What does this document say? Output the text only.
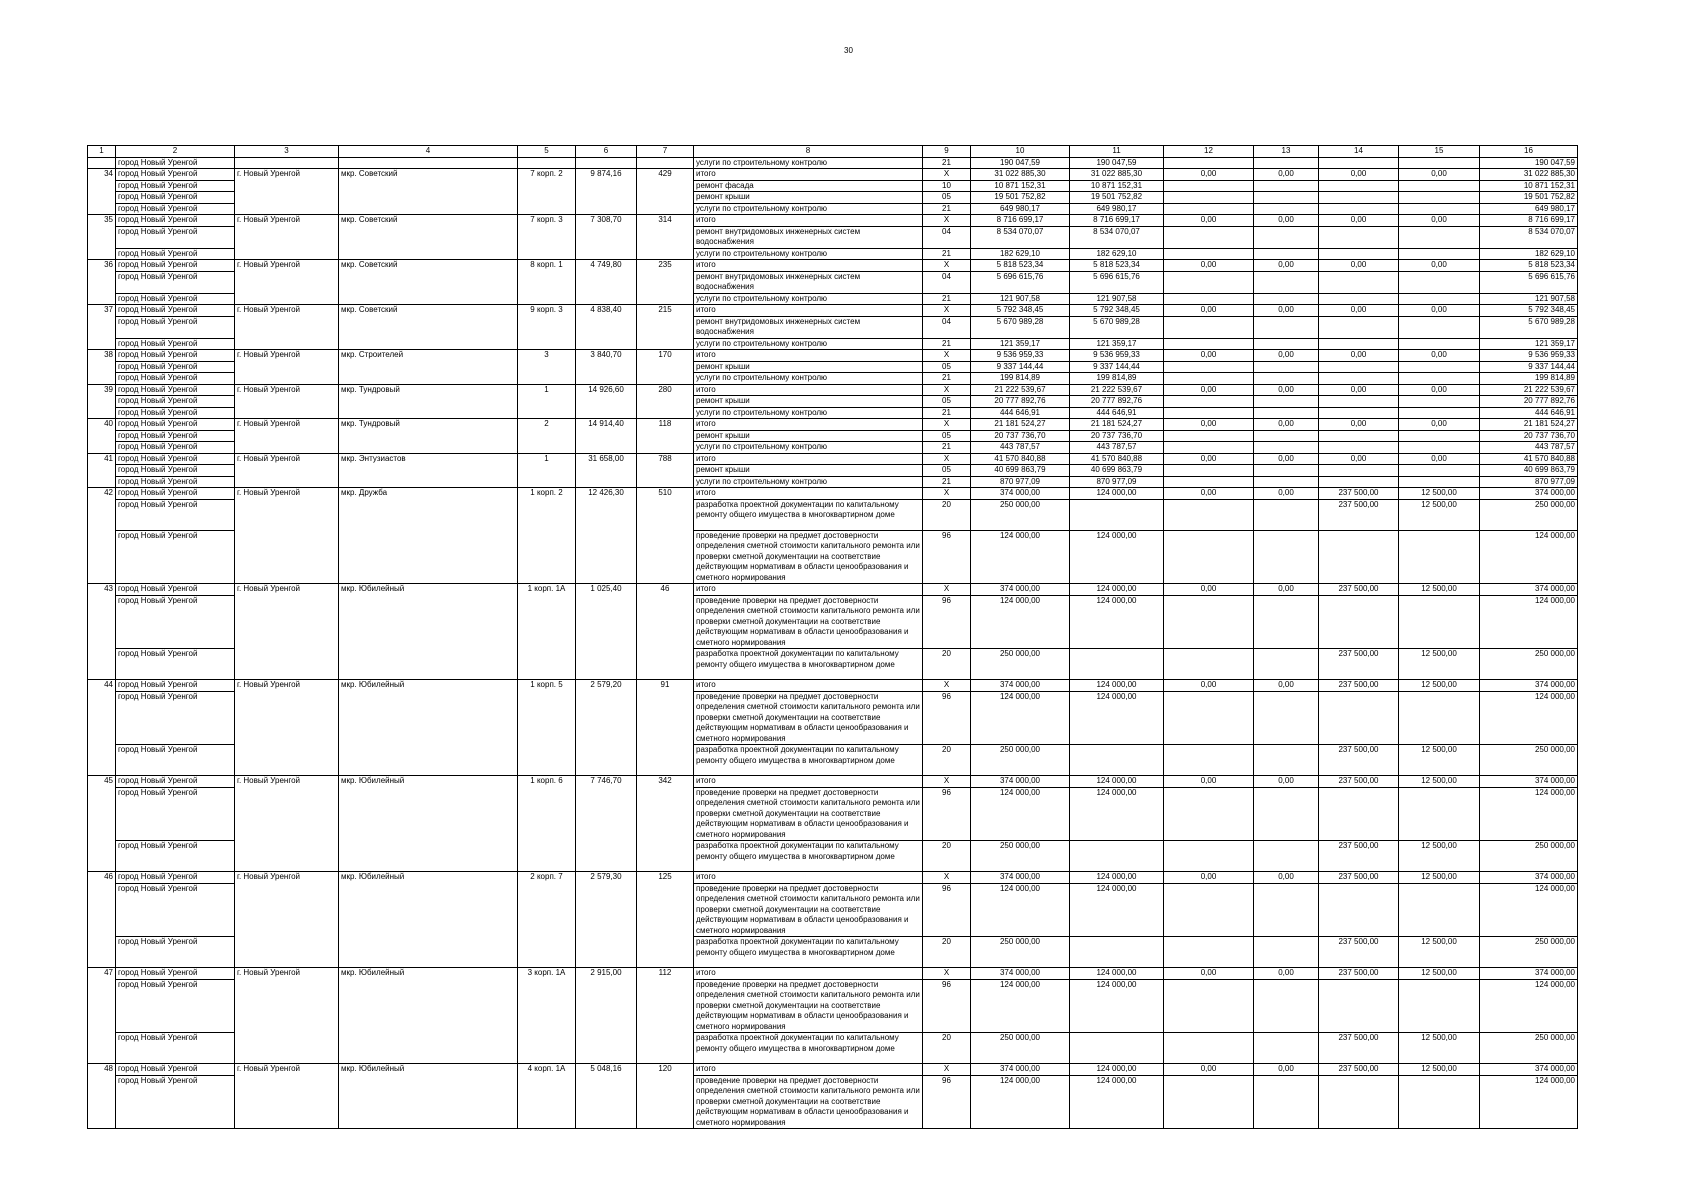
30
1	2	3	4	5	6	7	8	9	10	11	12	13	14	15	16
	город Новый Уренгой						услуги по строительному контролю	21	190 047,59	190 047,59					190 047,59
34	город Новый Уренгой	г. Новый Уренгой	мкр. Советский	7 корп. 2	9 874,16	429	итого	Х	31 022 885,30	31 022 885,30	0,00	0,00	0,00	0,00	31 022 885,30
	город Новый Уренгой						ремонт фасада	10	10 871 152,31	10 871 152,31					10 871 152,31
	город Новый Уренгой						ремонт крыши	05	19 501 752,82	19 501 752,82					19 501 752,82
	город Новый Уренгой						услуги по строительному контролю	21	649 980,17	649 980,17					649 980,17
35	город Новый Уренгой	г. Новый Уренгой	мкр. Советский	7 корп. 3	7 308,70	314	итого	Х	8 716 699,17	8 716 699,17	0,00	0,00	0,00	0,00	8 716 699,17
	город Новый Уренгой						ремонт внутридомовых инженерных систем водоснабжения	04	8 534 070,07	8 534 070,07					8 534 070,07
	город Новый Уренгой						услуги по строительному контролю	21	182 629,10	182 629,10					182 629,10
36	город Новый Уренгой	г. Новый Уренгой	мкр. Советский	8 корп. 1	4 749,80	235	итого	Х	5 818 523,34	5 818 523,34	0,00	0,00	0,00	0,00	5 818 523,34
	город Новый Уренгой						ремонт внутридомовых инженерных систем водоснабжения	04	5 696 615,76	5 696 615,76					5 696 615,76
	город Новый Уренгой						услуги по строительному контролю	21	121 907,58	121 907,58					121 907,58
37	город Новый Уренгой	г. Новый Уренгой	мкр. Советский	9 корп. 3	4 838,40	215	итого	Х	5 792 348,45	5 792 348,45	0,00	0,00	0,00	0,00	5 792 348,45
	город Новый Уренгой						ремонт внутридомовых инженерных систем водоснабжения	04	5 670 989,28	5 670 989,28					5 670 989,28
	город Новый Уренгой						услуги по строительному контролю	21	121 359,17	121 359,17					121 359,17
38	город Новый Уренгой	г. Новый Уренгой	мкр. Строителей	3	3 840,70	170	итого	Х	9 536 959,33	9 536 959,33	0,00	0,00	0,00	0,00	9 536 959,33
	город Новый Уренгой						ремонт крыши	05	9 337 144,44	9 337 144,44					9 337 144,44
	город Новый Уренгой						услуги по строительному контролю	21	199 814,89	199 814,89					199 814,89
39	город Новый Уренгой	г. Новый Уренгой	мкр. Тундровый	1	14 926,60	280	итого	Х	21 222 539,67	21 222 539,67	0,00	0,00	0,00	0,00	21 222 539,67
	город Новый Уренгой						ремонт крыши	05	20 777 892,76	20 777 892,76					20 777 892,76
	город Новый Уренгой						услуги по строительному контролю	21	444 646,91	444 646,91					444 646,91
40	город Новый Уренгой	г. Новый Уренгой	мкр. Тундровый	2	14 914,40	118	итого	Х	21 181 524,27	21 181 524,27	0,00	0,00	0,00	0,00	21 181 524,27
	город Новый Уренгой						ремонт крыши	05	20 737 736,70	20 737 736,70					20 737 736,70
	город Новый Уренгой						услуги по строительному контролю	21	443 787,57	443 787,57					443 787,57
41	город Новый Уренгой	г. Новый Уренгой	мкр. Энтузиастов	1	31 658,00	788	итого	Х	41 570 840,88	41 570 840,88	0,00	0,00	0,00	0,00	41 570 840,88
	город Новый Уренгой						ремонт крыши	05	40 699 863,79	40 699 863,79					40 699 863,79
	город Новый Уренгой						услуги по строительному контролю	21	870 977,09	870 977,09					870 977,09
42	город Новый Уренгой	г. Новый Уренгой	мкр. Дружба	1 корп. 2	12 426,30	510	итого	Х	374 000,00	124 000,00	0,00	0,00	237 500,00	12 500,00	374 000,00
	город Новый Уренгой						разработка проектной документации по капитальному ремонту общего имущества в многоквартирном доме	20	250 000,00				237 500,00	12 500,00	250 000,00
	город Новый Уренгой						проведение проверки на предмет достоверности определения сметной стоимости капитального ремонта или проверки сметной документации на соответствие действующим нормативам в области ценообразования и сметного нормирования	96	124 000,00	124 000,00					124 000,00
43	город Новый Уренгой	г. Новый Уренгой	мкр. Юбилейный	1 корп. 1А	1 025,40	46	итого	Х	374 000,00	124 000,00	0,00	0,00	237 500,00	12 500,00	374 000,00
	город Новый Уренгой						проведение проверки на предмет достоверности определения сметной стоимости капитального ремонта или проверки сметной документации на соответствие действующим нормативам в области ценообразования и сметного нормирования	96	124 000,00	124 000,00					124 000,00
	город Новый Уренгой						разработка проектной документации по капитальному ремонту общего имущества в многоквартирном доме	20	250 000,00				237 500,00	12 500,00	250 000,00
44	город Новый Уренгой	г. Новый Уренгой	мкр. Юбилейный	1 корп. 5	2 579,20	91	итого	Х	374 000,00	124 000,00	0,00	0,00	237 500,00	12 500,00	374 000,00
	город Новый Уренгой						проведение проверки на предмет достоверности определения сметной стоимости капитального ремонта или проверки сметной документации на соответствие действующим нормативам в области ценообразования и сметного нормирования	96	124 000,00	124 000,00					124 000,00
	город Новый Уренгой						разработка проектной документации по капитальному ремонту общего имущества в многоквартирном доме	20	250 000,00				237 500,00	12 500,00	250 000,00
45	город Новый Уренгой	г. Новый Уренгой	мкр. Юбилейный	1 корп. 6	7 746,70	342	итого	Х	374 000,00	124 000,00	0,00	0,00	237 500,00	12 500,00	374 000,00
	город Новый Уренгой						проведение проверки на предмет достоверности определения сметной стоимости капитального ремонта или проверки сметной документации на соответствие действующим нормативам в области ценообразования и сметного нормирования	96	124 000,00	124 000,00					124 000,00
	город Новый Уренгой						разработка проектной документации по капитальному ремонту общего имущества в многоквартирном доме	20	250 000,00				237 500,00	12 500,00	250 000,00
46	город Новый Уренгой	г. Новый Уренгой	мкр. Юбилейный	2 корп. 7	2 579,30	125	итого	Х	374 000,00	124 000,00	0,00	0,00	237 500,00	12 500,00	374 000,00
	город Новый Уренгой						проведение проверки на предмет достоверности определения сметной стоимости капитального ремонта или проверки сметной документации на соответствие действующим нормативам в области ценообразования и сметного нормирования	96	124 000,00	124 000,00					124 000,00
	город Новый Уренгой						разработка проектной документации по капитальному ремонту общего имущества в многоквартирном доме	20	250 000,00				237 500,00	12 500,00	250 000,00
47	город Новый Уренгой	г. Новый Уренгой	мкр. Юбилейный	3 корп. 1А	2 915,00	112	итого	Х	374 000,00	124 000,00	0,00	0,00	237 500,00	12 500,00	374 000,00
	город Новый Уренгой						проведение проверки на предмет достоверности определения сметной стоимости капитального ремонта или проверки сметной документации на соответствие действующим нормативам в области ценообразования и сметного нормирования	96	124 000,00	124 000,00					124 000,00
	город Новый Уренгой						разработка проектной документации по капитальному ремонту общего имущества в многоквартирном доме	20	250 000,00				237 500,00	12 500,00	250 000,00
48	город Новый Уренгой	г. Новый Уренгой	мкр. Юбилейный	4 корп. 1А	5 048,16	120	итого	Х	374 000,00	124 000,00	0,00	0,00	237 500,00	12 500,00	374 000,00
	город Новый Уренгой						проведение проверки на предмет достоверности определения сметной стоимости капитального ремонта или проверки сметной документации на соответствие действующим нормативам в области ценообразования и сметного нормирования	96	124 000,00	124 000,00					124 000,00
